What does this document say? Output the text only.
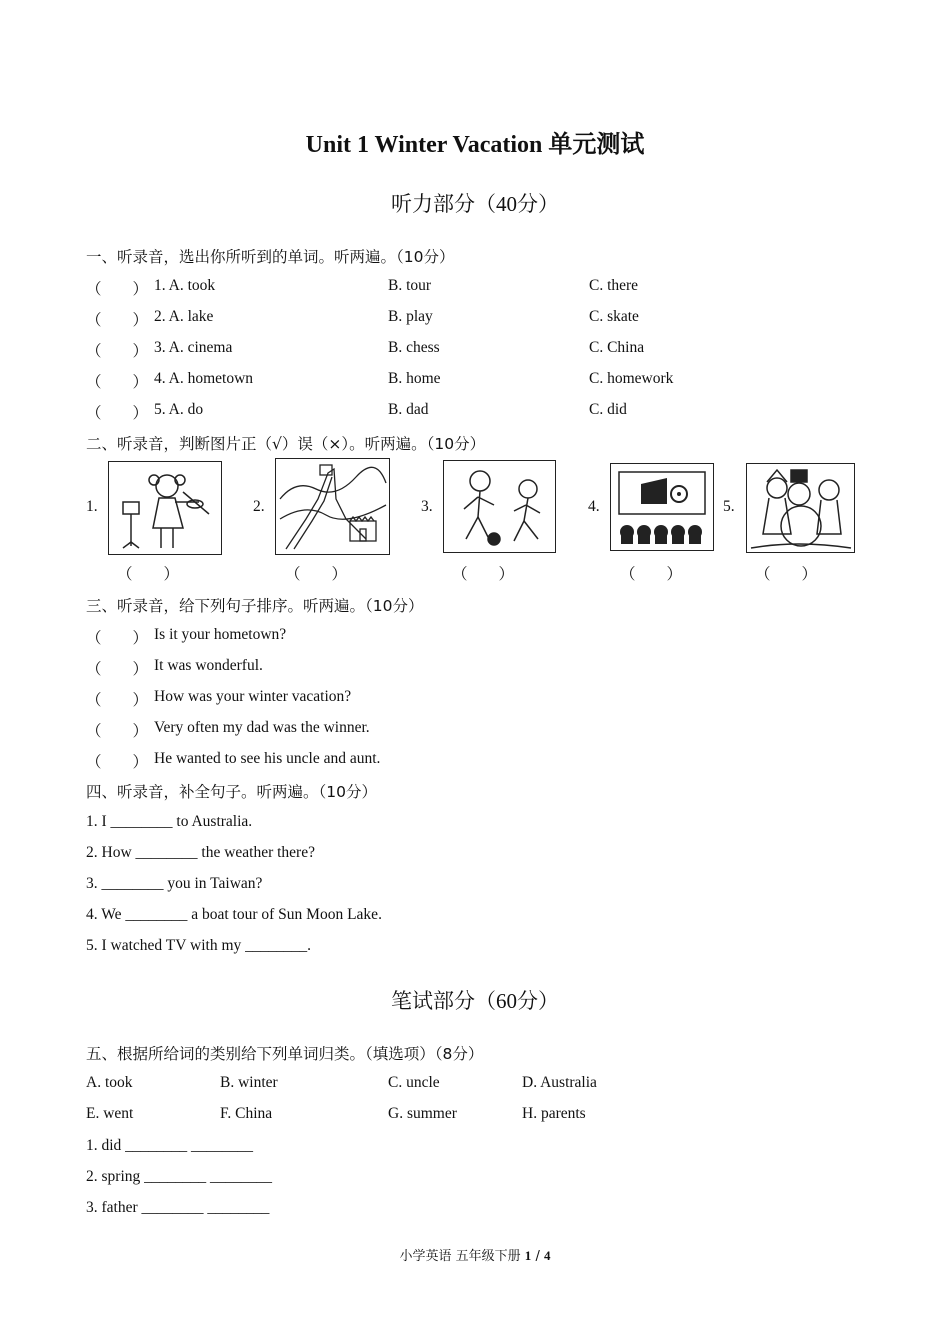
Unit 1 Winter Vacation 单元测试
听力部分（40分）
一、听录音，选出你所听到的单词。听两遍。（10分）
（　　） 1. A. took	B. tour	C. there
（　　） 2. A. lake	B. play	C. skate
（　　） 3. A. cinema	B. chess	C. China
（　　） 4. A. hometown	B. home	C. homework
（　　） 5. A. do	B. dad	C. did
二、听录音，判断图片正（√）误（×）。听两遍。（10分）
1.	2.	3.	4.	5.
（　　）	（　　）	（　　）	（　　）	（　　）
三、听录音，给下列句子排序。听两遍。（10分）
（　　） Is it your hometown?
（　　） It was wonderful.
（　　） How was your winter vacation?
（　　） Very often my dad was the winner.
（　　） He wanted to see his uncle and aunt.
四、听录音，补全句子。听两遍。（10分）
1. I ________ to Australia.
2. How ________ the weather there?
3. ________ you in Taiwan?
4. We ________ a boat tour of Sun Moon Lake.
5. I watched TV with my ________.
笔试部分（60分）
五、根据所给词的类别给下列单词归类。（填选项）（8分）
A. took	B. winter	C. uncle	D. Australia
E. went	F. China	G. summer	H. parents
1. did ________ ________
2. spring ________ ________
3. father ________ ________
小学英语 五年级下册 1 / 4
